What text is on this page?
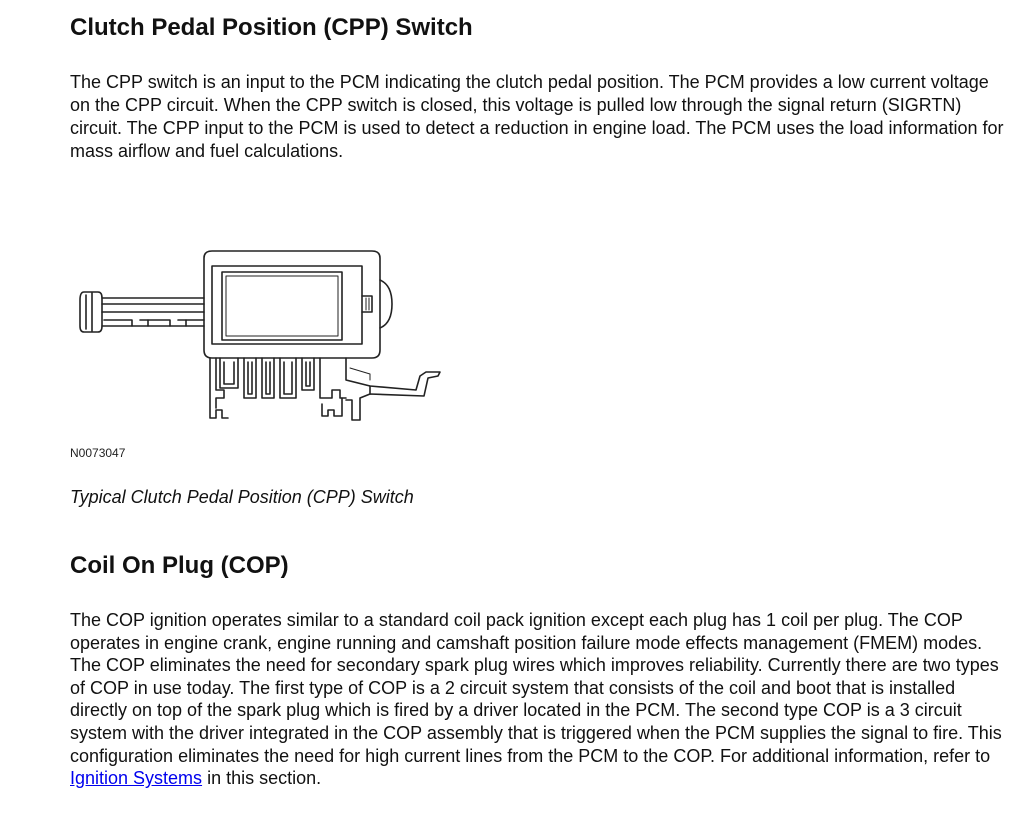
Clutch Pedal Position (CPP) Switch

The CPP switch is an input to the PCM indicating the clutch pedal position. The PCM provides a low current voltage on the CPP circuit. When the CPP switch is closed, this voltage is pulled low through the signal return (SIGRTN) circuit. The CPP input to the PCM is used to detect a reduction in engine load. The PCM uses the load information for mass airflow and fuel calculations.

N0073047
Typical Clutch Pedal Position (CPP) Switch
Coil On Plug (COP)

The COP ignition operates similar to a standard coil pack ignition except each plug has 1 coil per plug. The COP operates in engine crank, engine running and camshaft position failure mode effects management (FMEM) modes. The COP eliminates the need for secondary spark plug wires which improves reliability. Currently there are two types of COP in use today. The first type of COP is a 2 circuit system that consists of the coil and boot that is installed directly on top of the spark plug which is fired by a driver located in the PCM. The second type COP is a 3 circuit system with the driver integrated in the COP assembly that is triggered when the PCM supplies the signal to fire. This configuration eliminates the need for high current lines from the PCM to the COP. For additional information, refer to
Ignition Systems in this section.
